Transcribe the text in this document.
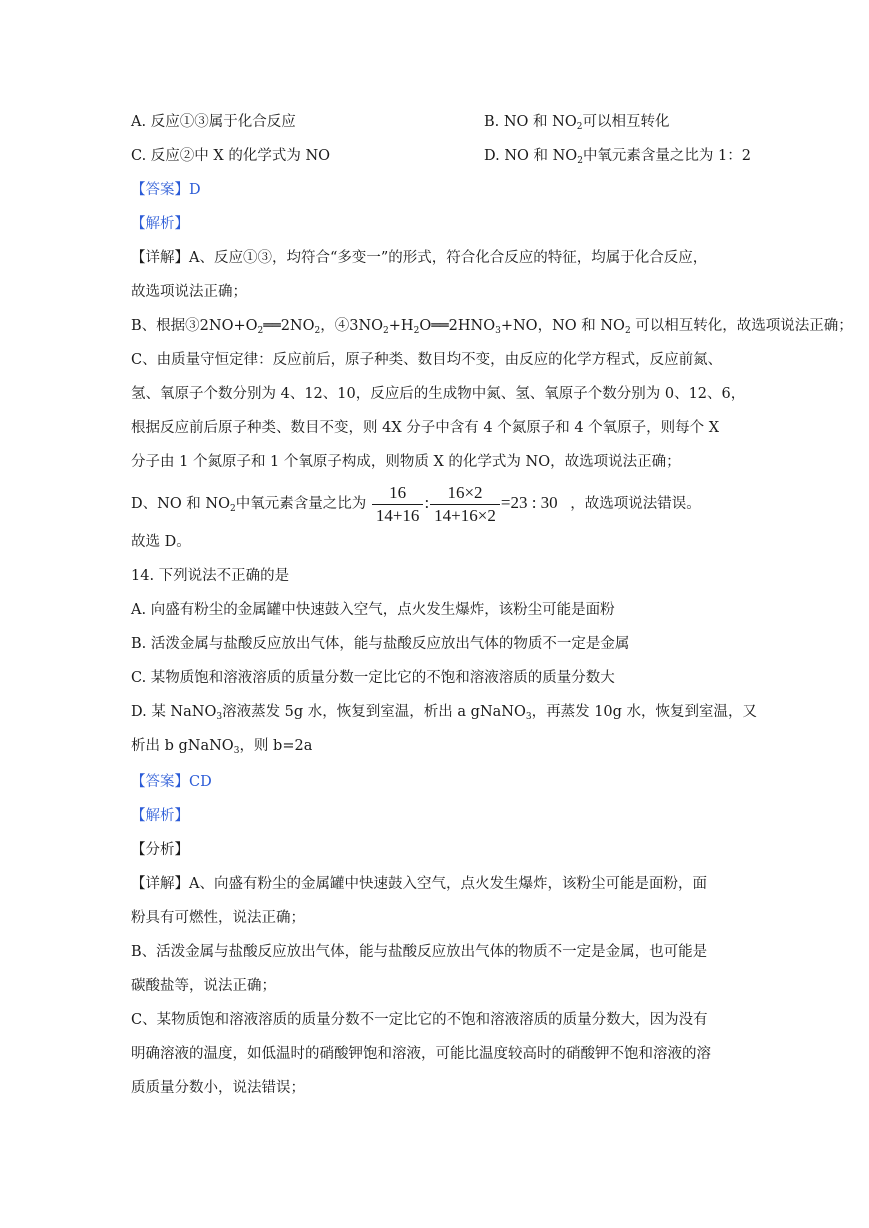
A. 反应①③属于化合反应	B. NO 和 $NO_2$可以相互转化
C. 反应②中 X 的化学式为 NO	D. NO 和 $NO_2$中氧元素含量之比为 1：2
【答案】D
【解析】
【详解】A、反应①③，均符合“多变一”的形式，符合化合反应的特征，均属于化合反应，
故选项说法正确；
B、根据$③2NO+O_2══2NO_2$，$④3NO_2+H_2O══2HNO_3+NO$，NO 和 $NO_2$ 可以相互转化，故选项说法正确；
C、由质量守恒定律：反应前后，原子种类、数目均不变，由反应的化学方程式，反应前氮、
氢、氧原子个数分别为 4、12、10，反应后的生成物中氮、氢、氧原子个数分别为 0、12、6，
根据反应前后原子种类、数目不变，则 4X 分子中含有 4 个氮原子和 4 个氧原子，则每个 X
分子由 1 个氮原子和 1 个氧原子构成，则物质 X 的化学式为 NO，故选项说法正确；
D、NO 和 $NO_2$中氧元素含量之比为 $\frac{16}{14+16}$ : $\frac{16\times 2}{14+16\times 2} =23$ : 30 ，故选项说法错误。
故选 D。
14. 下列说法不正确的是
A. 向盛有粉尘的金属罐中快速鼓入空气，点火发生爆炸，该粉尘可能是面粉
B. 活泼金属与盐酸反应放出气体，能与盐酸反应放出气体的物质不一定是金属
C. 某物质饱和溶液溶质的质量分数一定比它的不饱和溶液溶质的质量分数大
D. 某 NaNO$_3$溶液蒸发 5g 水，恢复到室温，析出 a gNaNO$_3$，再蒸发 10g 水，恢复到室温，又
析出 b gNaNO$_3$，则 b=2a
【答案】CD
【解析】
【分析】
【详解】A、向盛有粉尘的金属罐中快速鼓入空气，点火发生爆炸，该粉尘可能是面粉，面
粉具有可燃性，说法正确；
B、活泼金属与盐酸反应放出气体，能与盐酸反应放出气体的物质不一定是金属，也可能是
碳酸盐等，说法正确；
C、某物质饱和溶液溶质的质量分数不一定比它的不饱和溶液溶质的质量分数大，因为没有
明确溶液的温度，如低温时的硝酸钾饱和溶液，可能比温度较高时的硝酸钾不饱和溶液的溶
质质量分数小，说法错误；
